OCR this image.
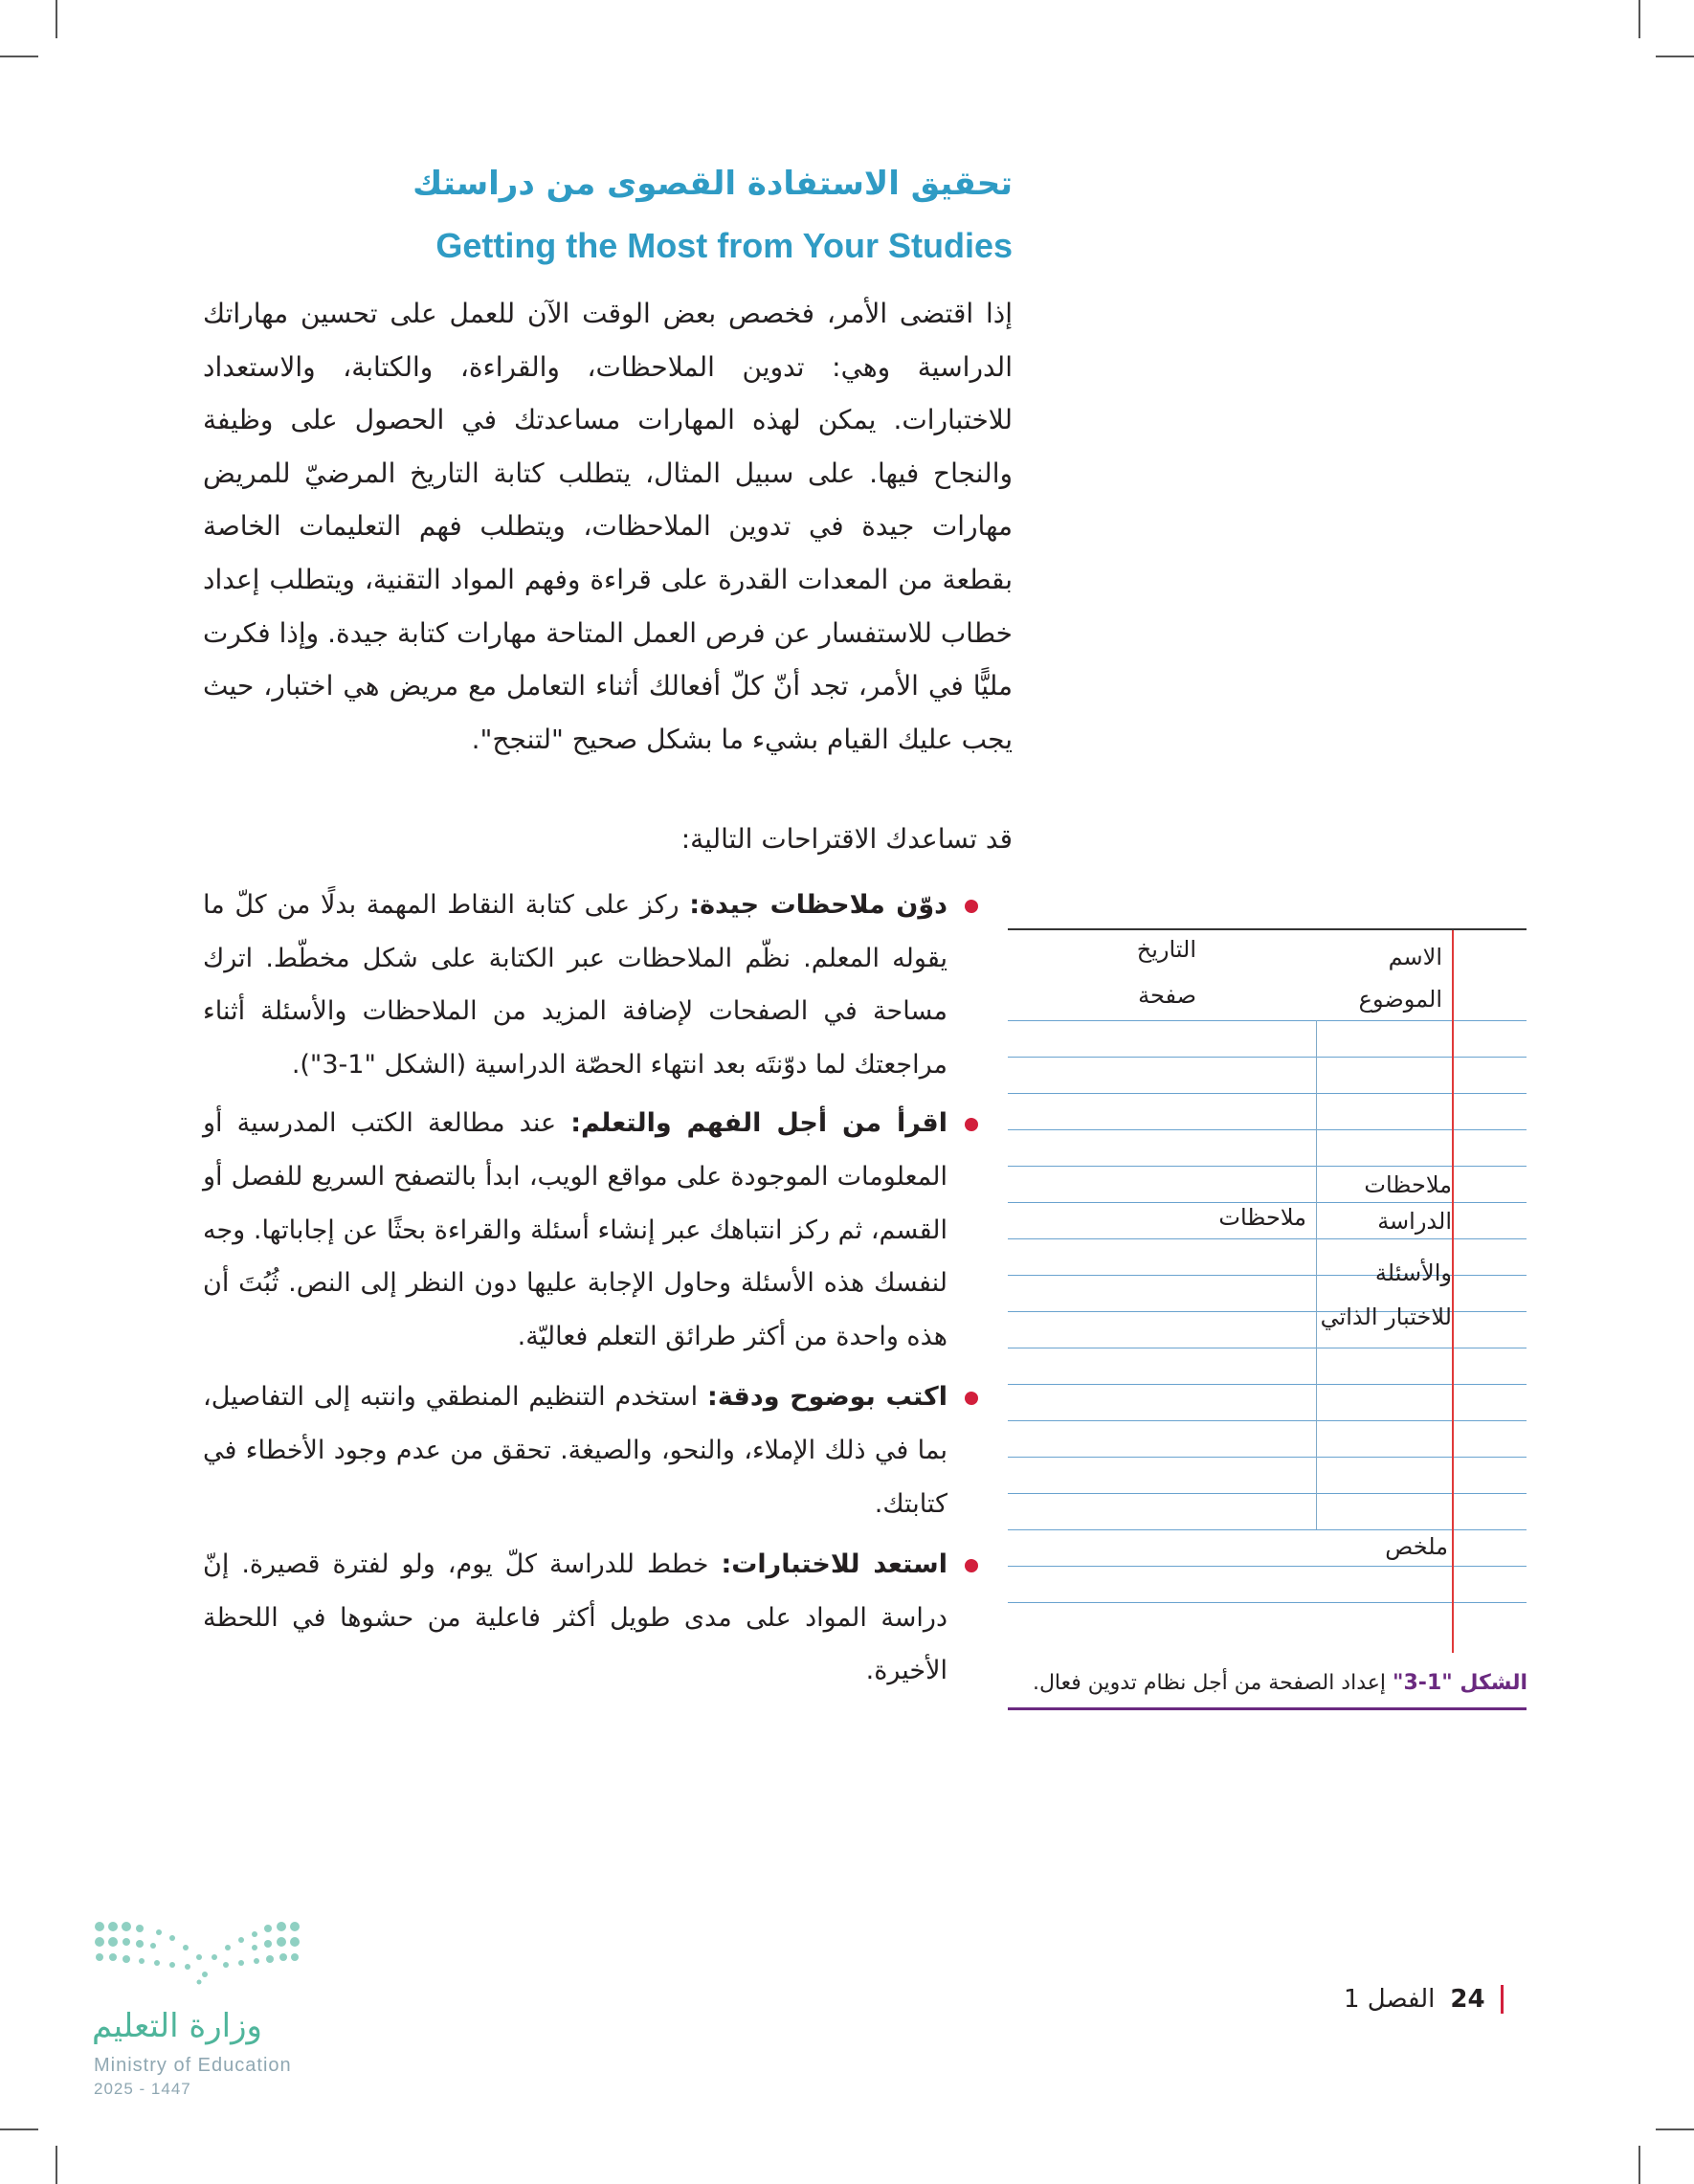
تحقيق الاستفادة القصوى من دراستك
Getting the Most from Your Studies
إذا اقتضى الأمر، فخصص بعض الوقت الآن للعمل على تحسين مهاراتك الدراسية وهي: تدوين الملاحظات، والقراءة، والكتابة، والاستعداد للاختبارات. يمكن لهذه المهارات مساعدتك في الحصول على وظيفة والنجاح فيها. على سبيل المثال، يتطلب كتابة التاريخ المرضيّ للمريض مهارات جيدة في تدوين الملاحظات، ويتطلب فهم التعليمات الخاصة بقطعة من المعدات القدرة على قراءة وفهم المواد التقنية، ويتطلب إعداد خطاب للاستفسار عن فرص العمل المتاحة مهارات كتابة جيدة. وإذا فكرت مليًّا في الأمر، تجد أنّ كلّ أفعالك أثناء التعامل مع مريض هي اختبار، حيث يجب عليك القيام بشيء ما بشكل صحيح "لتنجح".
قد تساعدك الاقتراحات التالية:
دوّن ملاحظات جيدة: ركز على كتابة النقاط المهمة بدلًا من كلّ ما يقوله المعلم. نظّم الملاحظات عبر الكتابة على شكل مخطّط. اترك مساحة في الصفحات لإضافة المزيد من الملاحظات والأسئلة أثناء مراجعتك لما دوّنتَه بعد انتهاء الحصّة الدراسية (الشكل "1-3").
اقرأ من أجل الفهم والتعلم: عند مطالعة الكتب المدرسية أو المعلومات الموجودة على مواقع الويب، ابدأ بالتصفح السريع للفصل أو القسم، ثم ركز انتباهك عبر إنشاء أسئلة والقراءة بحثًا عن إجاباتها. وجه لنفسك هذه الأسئلة وحاول الإجابة عليها دون النظر إلى النص. ثُبُتَ أن هذه واحدة من أكثر طرائق التعلم فعاليّة.
اكتب بوضوح ودقة: استخدم التنظيم المنطقي وانتبه إلى التفاصيل، بما في ذلك الإملاء، والنحو، والصيغة. تحقق من عدم وجود الأخطاء في كتابتك.
استعد للاختبارات: خطط للدراسة كلّ يوم، ولو لفترة قصيرة. إنّ دراسة المواد على مدى طويل أكثر فاعلية من حشوها في اللحظة الأخيرة.
الاسم
التاريخ
الموضوع
صفحة
ملاحظات
الدراسة
والأسئلة
للاختبار الذاتي
ملاحظات
ملخص
الشكل "1-3" إعداد الصفحة من أجل نظام تدوين فعال.
24
الفصل 1
وزارة التعليم
Ministry of Education
2025 - 1447
